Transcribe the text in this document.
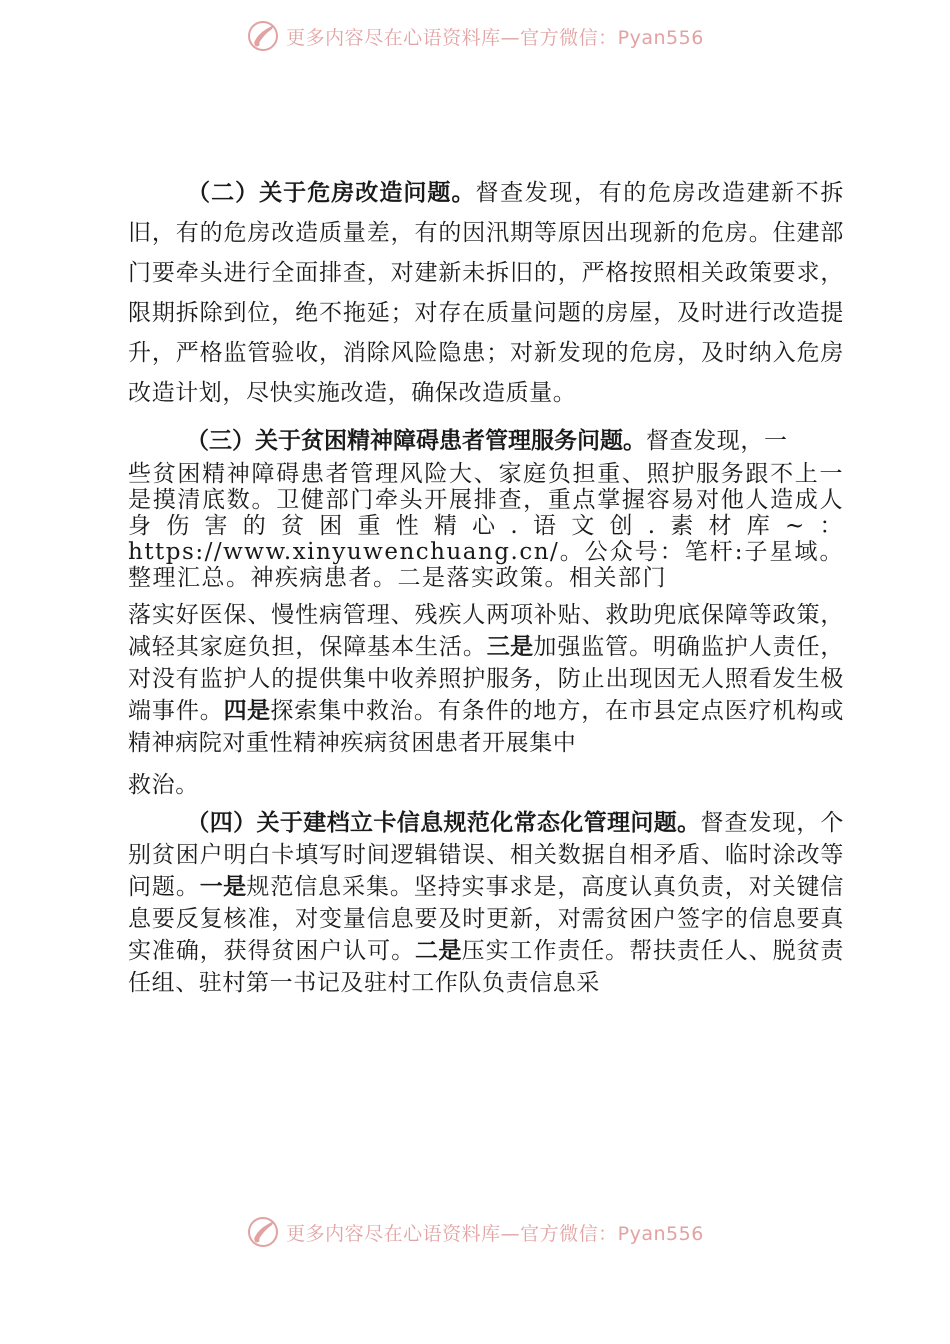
更多内容尽在心语资料库—官方微信：Pyan556

（二）关于危房改造问题。督查发现，有的危房改造建新不拆旧，有的危房改造质量差，有的因汛期等原因出现新的危房。住建部门要牵头进行全面排查，对建新未拆旧的，严格按照相关政策要求，限期拆除到位，绝不拖延；对存在质量问题的房屋，及时进行改造提升，严格监管验收，消除风险隐患；对新发现的危房，及时纳入危房改造计划，尽快实施改造，确保改造质量。

（三）关于贫困精神障碍患者管理服务问题。督查发现，一

些贫困精神障碍患者管理风险大、家庭负担重、照护服务跟不上一是摸清底数。卫健部门牵头开展排查，重点掌握容易对他人造成人身伤害的贫困重性精心.语文创.素材库~：https://www.xinyuwenchuang.cn/。公众号：笔杆:子星域。整理汇总。神疾病患者。二是落实政策。相关部门

落实好医保、慢性病管理、残疾人两项补贴、救助兜底保障等政策，减轻其家庭负担，保障基本生活。三是加强监管。明确监护人责任，对没有监护人的提供集中收养照护服务，防止出现因无人照看发生极端事件。四是探索集中救治。有条件的地方，在市县定点医疗机构或精神病院对重性精神疾病贫困患者开展集中

救治。

（四）关于建档立卡信息规范化常态化管理问题。督查发现，个别贫困户明白卡填写时间逻辑错误、相关数据自相矛盾、临时涂改等问题。一是规范信息采集。坚持实事求是，高度认真负责，对关键信息要反复核准，对变量信息要及时更新，对需贫困户签字的信息要真实准确，获得贫困户认可。二是压实工作责任。帮扶责任人、脱贫责任组、驻村第一书记及驻村工作队负责信息采

更多内容尽在心语资料库—官方微信：Pyan556
